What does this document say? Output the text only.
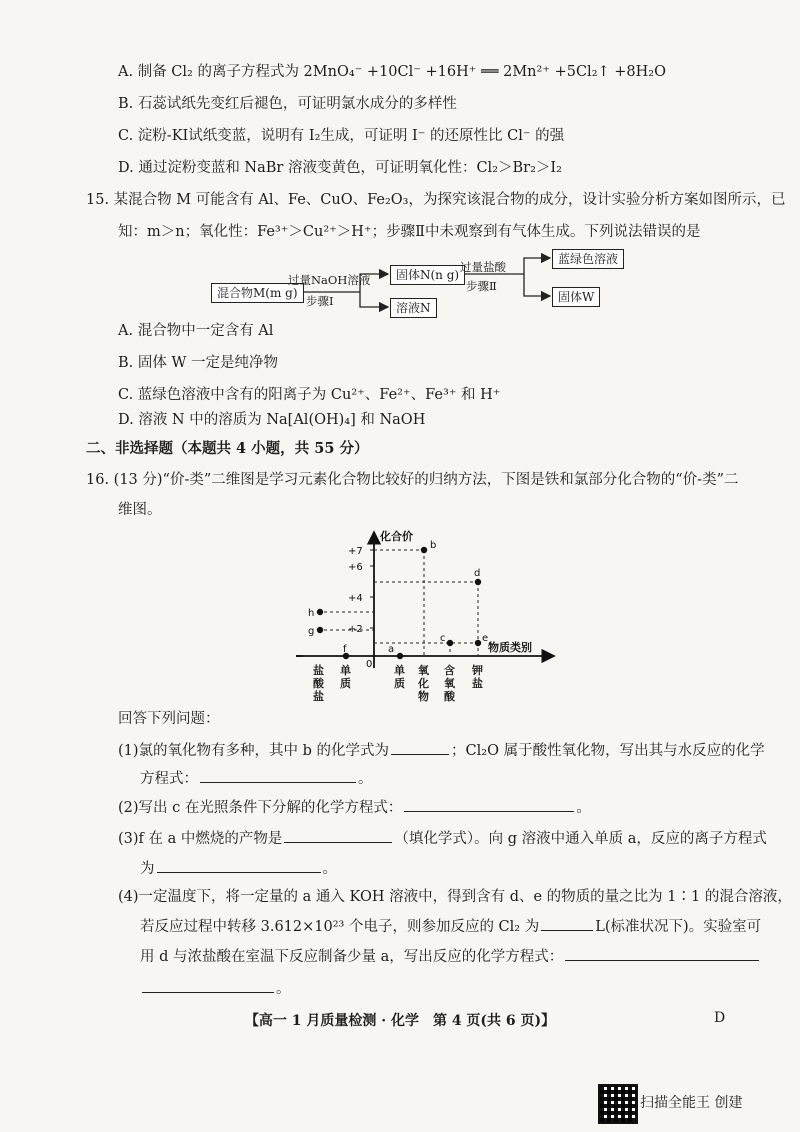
A. 制备 Cl₂ 的离子方程式为 2MnO₄⁻ +10Cl⁻ +16H⁺ ══ 2Mn²⁺ +5Cl₂↑ +8H₂O
B. 石蕊试纸先变红后褪色，可证明氯水成分的多样性
C. 淀粉-KI试纸变蓝，说明有 I₂生成，可证明 I⁻ 的还原性比 Cl⁻ 的强
D. 通过淀粉变蓝和 NaBr 溶液变黄色，可证明氧化性：Cl₂＞Br₂＞I₂
15. 某混合物 M 可能含有 Al、Fe、CuO、Fe₂O₃，为探究该混合物的成分，设计实验分析方案如图所示，已
知：m＞n；氧化性：Fe³⁺＞Cu²⁺＞H⁺；步骤Ⅱ中未观察到有气体生成。下列说法错误的是
混合物M(m g)
过量NaOH溶液
步骤Ⅰ
固体N(n g)
溶液N
过量盐酸
步骤Ⅱ
蓝绿色溶液
固体W
A. 混合物中一定含有 Al
B. 固体 W 一定是纯净物
C. 蓝绿色溶液中含有的阳离子为 Cu²⁺、Fe²⁺、Fe³⁺ 和 H⁺
D. 溶液 N 中的溶质为 Na[Al(OH)₄] 和 NaOH
二、非选择题（本题共 4 小题，共 55 分）
16. (13 分)“价-类”二维图是学习元素化合物比较好的归纳方法，下图是铁和氯部分化合物的“价-类”二
维图。
+7
+6
+4
+2
0
化合价
物质类别
b
d
h
g
c	e
a
f
盐酸盐
单质
单质
氧化物
含氧酸
钾盐
回答下列问题：
(1)氯的氧化物有多种，其中 b 的化学式为	；Cl₂O 属于酸性氧化物，写出其与水反应的化学
方程式：	。
(2)写出 c 在光照条件下分解的化学方程式：	。
(3)f 在 a 中燃烧的产物是	（填化学式）。向 g 溶液中通入单质 a，反应的离子方程式
为	。
(4)一定温度下，将一定量的 a 通入 KOH 溶液中，得到含有 d、e 的物质的量之比为 1∶1 的混合溶液，
若反应过程中转移 3.612×10²³ 个电子，则参加反应的 Cl₂ 为	L(标准状况下)。实验室可
用 d 与浓盐酸在室温下反应制备少量 a，写出反应的化学方程式：
。
【高一 1 月质量检测 · 化学　第 4 页(共 6 页)】	D
扫描全能王 创建
